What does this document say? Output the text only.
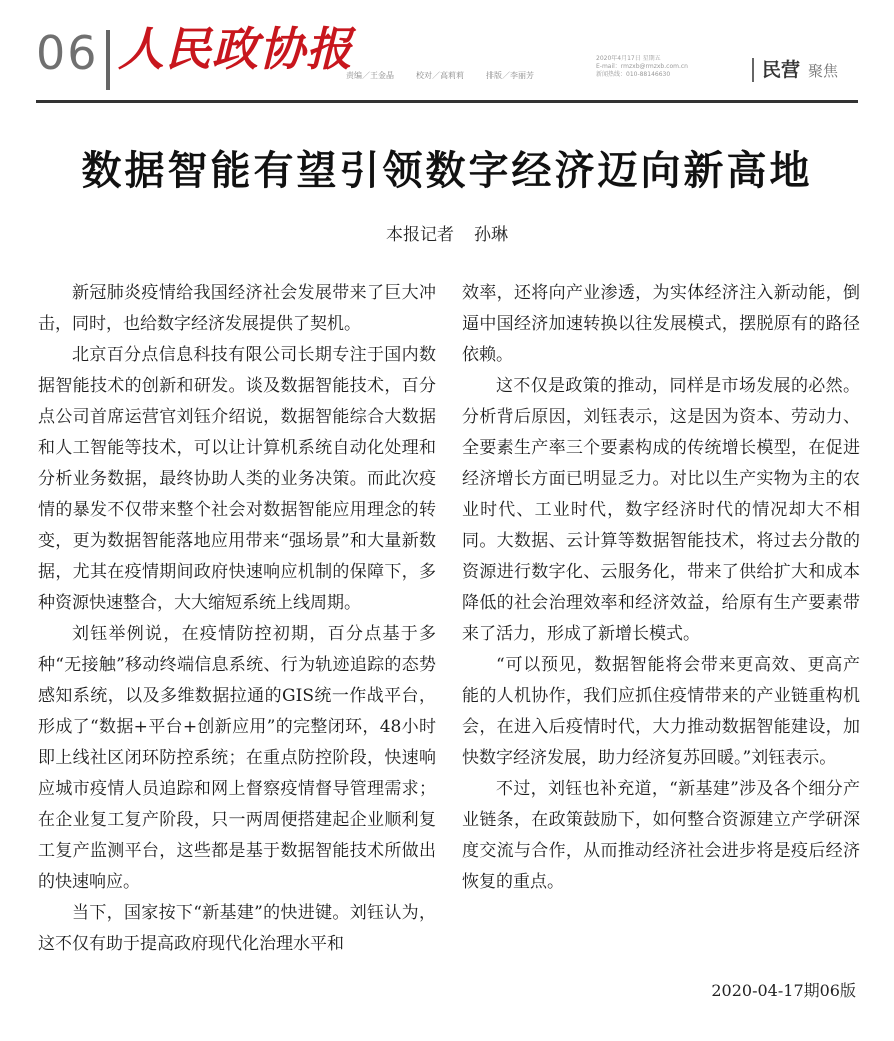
06 人民政协报
责编／王金晶	校对／高莉莉	排版／李丽芳
2020年4月17日 星期五
E-mail：rmzxb@rmzxb.com.cn
新闻热线：010-88146630	民营 聚焦
数据智能有望引领数字经济迈向新高地
本报记者 孙琳

新冠肺炎疫情给我国经济社会发展带来了巨大冲击，同时，也给数字经济发展提供了契机。

北京百分点信息科技有限公司长期专注于国内数据智能技术的创新和研发。谈及数据智能技术，百分点公司首席运营官刘钰介绍说，数据智能综合大数据和人工智能等技术，可以让计算机系统自动化处理和分析业务数据，最终协助人类的业务决策。而此次疫情的暴发不仅带来整个社会对数据智能应用理念的转变，更为数据智能落地应用带来“强场景”和大量新数据，尤其在疫情期间政府快速响应机制的保障下，多种资源快速整合，大大缩短系统上线周期。

刘钰举例说，在疫情防控初期，百分点基于多种“无接触”移动终端信息系统、行为轨迹追踪的态势感知系统，以及多维数据拉通的GIS统一作战平台，形成了“数据+平台+创新应用”的完整闭环，48小时即上线社区闭环防控系统；在重点防控阶段，快速响应城市疫情人员追踪和网上督察疫情督导管理需求；在企业复工复产阶段，只一两周便搭建起企业顺利复工复产监测平台，这些都是基于数据智能技术所做出的快速响应。

当下，国家按下“新基建”的快进键。刘钰认为，这不仅有助于提高政府现代化治理水平和

效率，还将向产业渗透，为实体经济注入新动能，倒逼中国经济加速转换以往发展模式，摆脱原有的路径依赖。

这不仅是政策的推动，同样是市场发展的必然。分析背后原因，刘钰表示，这是因为资本、劳动力、全要素生产率三个要素构成的传统增长模型，在促进经济增长方面已明显乏力。对比以生产实物为主的农业时代、工业时代，数字经济时代的情况却大不相同。大数据、云计算等数据智能技术，将过去分散的资源进行数字化、云服务化，带来了供给扩大和成本降低的社会治理效率和经济效益，给原有生产要素带来了活力，形成了新增长模式。

“可以预见，数据智能将会带来更高效、更高产能的人机协作，我们应抓住疫情带来的产业链重构机会，在进入后疫情时代，大力推动数据智能建设，加快数字经济发展，助力经济复苏回暖。”刘钰表示。

不过，刘钰也补充道，“新基建”涉及各个细分产业链条，在政策鼓励下，如何整合资源建立产学研深度交流与合作，从而推动经济社会进步将是疫后经济恢复的重点。

2020-04-17期06版
